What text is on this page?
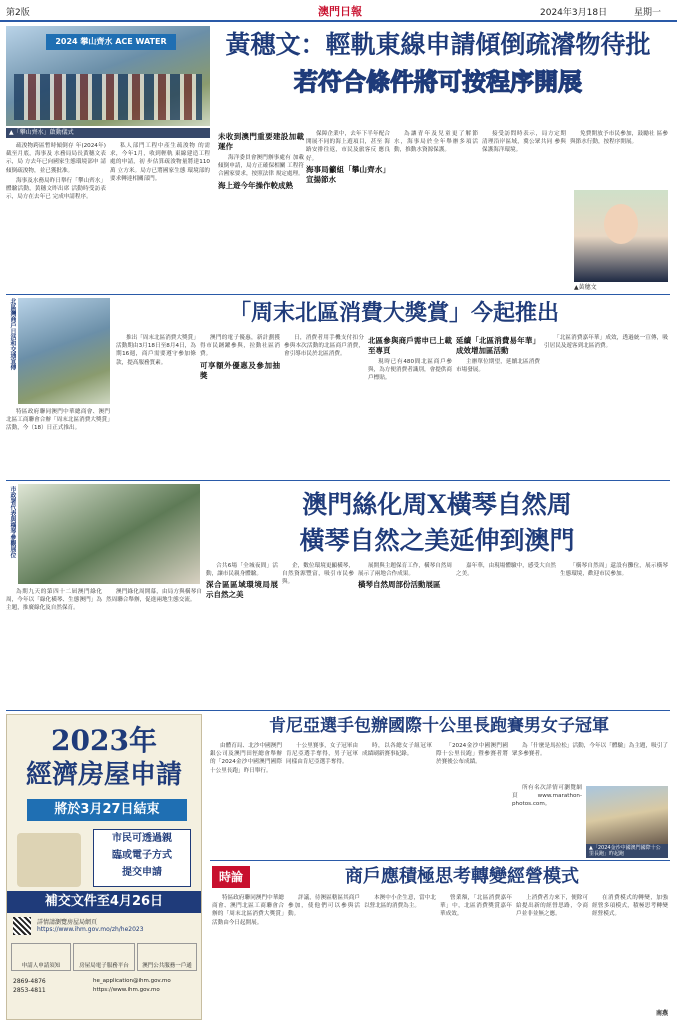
第2版	澳門日報	2024年3月18日	星期一
2024 攀山齊水 ACE WATER
▲「攀山齊水」啟動儀式

疏浚物跨區暫時傾倒存 年(2024年)截至月底，海事及 水務局局長黃穗文表示，局 方去年已向國家生態環境部申 請傾倒疏浚物，並已獲批准。

海事及水務局昨日舉行「攀山齊水」體驗活動，黃穗文昨出席 活動時受訪表示，局方在去年已 完成申請程序。

私人部門工程中產生疏浚物 的需求，今年1月，收到輕軌 東線建造工程處的申請，初 步估算疏浚物量將達110萬 立方米。局方已將國家生態 環境部的要求轉達相關部門。

黃穗文：輕軌東線申請傾倒疏濬物待批
若符合條件將可按程序開展
未收到澳門重要建設加載運作

海洋委員會澳門辦事處有 加載傾倒申請，局方正確保相關 工程符合國家要求，按照法律 規定處理。

海上遊今年操作較成熟

保障企業中，去年下半年配合 開展不同的海上遊項目，甚至 海路安排往返，市民及旅客反 應良好。

海事局籲組「攀山齊水」宣揚節水

為讓青年及兒童更了解節 水，海事局於全年舉辦多項活 動，推動水資源保護。

接受訪問時表示，局方定期 清理沿岸區域，冀公眾共同 參與保護海洋環境。

免費開放予市民參加，鼓勵社 區參與節水行動，按程序開展。

▲黃穗文
北區灣商戶日活和交通宣傳

特區政府聯同澳門中華總商會、澳門北區工商聯會合辦「周末北區消費大獎賞」活動，今（18）日正式推出。

「周末北區消費大獎賞」今起推出

推出「周末北區消費大獎賞」活動期由3月18日至8月4日，為期16週，商戶需要遵守參加條款，提高服務質素。

澳門的電子優惠，新計劃獲得市民踴躍參與，拉動社區消費。

可享額外優惠及參加抽獎

日，消費者用手機支付扣分參與本次活動的北區商戶消費，會引導市民於北區消費。

北區參與商戶需申已上載至專頁

現時已有480間北區商戶參與，為方便消費者識別，會提供商戶標貼。

延續「北區消費易年華」成效增加區活動

主辦單位期望，延續北區消費市場發展。

「北區消費嘉年華」成效，透過統一宣傳，吸引居民及遊客到北區消費。

市政署代表與橫琴參觀展位

為期九天的第四十二屆澳門綠化周，今年以「綠化橫琴、生態澳門」為主題，推廣綠化及自然保育。

澳門綠化周開幕，由局方與橫琴自然周聯合舉辦，促進兩地生態交流。

澳門絲化周X橫琴自然周
橫琴自然之美延伸到澳門

合共6場「全城夜間」活動，讓市民親身體驗。

深合區區域環境局展示自然之美

企，數位環境更顯橫琴，自然資源豐富，吸引市民參與。

展開與主題保育工作，橫琴自然周展示了兩地合作成果。

橫琴自然周部份活動展區

嘉年華，由現場體驗中，感受大自然之美。

「橫琴自然周」還設有攤位，展示橫琴生態環境，歡迎市民參加。

2023年
經濟房屋申請
將於3月27日結束
市民可透過親
臨或電子方式
提交申請
補交文件至4月26日
詳情請瀏覽房屋局網頁
https://www.ihm.gov.mo/zh/he2023
申請人申請須知	房屋局電子服務平台	澳門公共服務一戶通
2869-4876
2853-4811
he_application@ihm.gov.mo
https://www.ihm.gov.mo
肯尼亞選手包辦國際十公里長跑賽男女子冠軍

由體育局、北沙中國澳門銀公司及澳門田徑總會舉辦的「2024金沙中國澳門國際十公里長跑」昨日舉行。

十公里賽事，女子冠軍由肯尼亞選手奪得，男子冠軍同樣由肯尼亞選手奪得。

時，以各總女子組冠軍成績刷新賽事紀錄。

「2024金沙中國澳門國際十公里長跑」暨參賽者將於賽後公布成績。

為「什麼是馬拉松」活動，今年以「體驗」為主題，吸引了眾多參賽者。

所有名次詳情可瀏覽網頁 www.marathon-photos.com。

▲「2024金沙中國澳門國際十公里長跑」昨起跑
時論	商戶應積極思考轉變經營模式

特區政府聯同澳門中華總商會、澳門北區工商聯會合辦的「周末北區消費大獎賞」活動由今日起開展。

評議，待澳區轄區其商戶參加，使他們可以參與活動。

本澳中小企生意，當中北以營北區的消費為主。

營業額，「北區消費嘉年華」中，北區消費獎賞嘉年華成效。

上消費者力來下，便除可給提出新的經營思路，令商戶並非並無之應。

在消費模式的轉變，加強經營多項模式，積極思考轉變經營模式。

南燕
